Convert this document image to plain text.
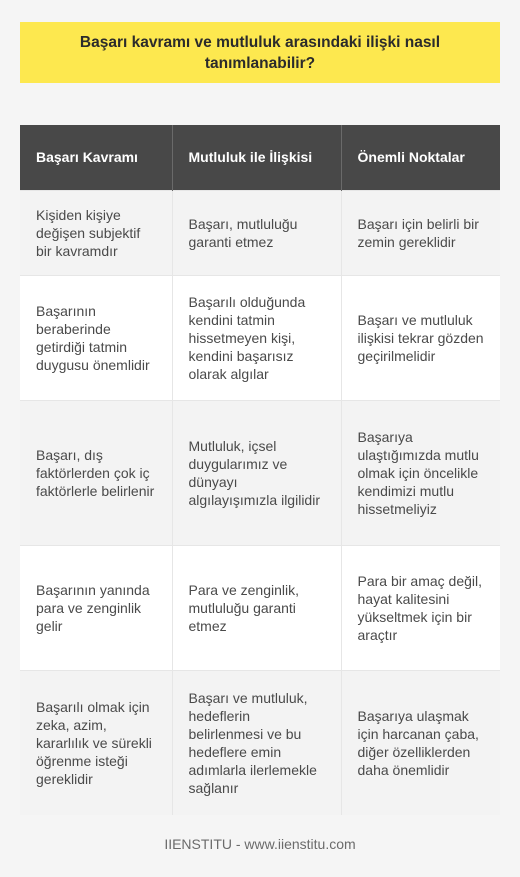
Başarı kavramı ve mutluluk arasındaki ilişki nasıl tanımlanabilir?
Başarı Kavramı	Mutluluk ile İlişkisi	Önemli Noktalar
Kişiden kişiye değişen subjektif bir kavramdır	Başarı, mutluluğu garanti etmez	Başarı için belirli bir zemin gereklidir
Başarının beraberinde getirdiği tatmin duygusu önemlidir	Başarılı olduğunda kendini tatmin hissetmeyen kişi, kendini başarısız olarak algılar	Başarı ve mutluluk ilişkisi tekrar gözden geçirilmelidir
Başarı, dış faktörlerden çok iç faktörlerle belirlenir	Mutluluk, içsel duygularımız ve dünyayı algılayışımızla ilgilidir	Başarıya ulaştığımızda mutlu olmak için öncelikle kendimizi mutlu hissetmeliyiz
Başarının yanında para ve zenginlik gelir	Para ve zenginlik, mutluluğu garanti etmez	Para bir amaç değil, hayat kalitesini yükseltmek için bir araçtır
Başarılı olmak için zeka, azim, kararlılık ve sürekli öğrenme isteği gereklidir	Başarı ve mutluluk, hedeflerin belirlenmesi ve bu hedeflere emin adımlarla ilerlemekle sağlanır	Başarıya ulaşmak için harcanan çaba, diğer özelliklerden daha önemlidir
IIENSTITU - www.iienstitu.com
